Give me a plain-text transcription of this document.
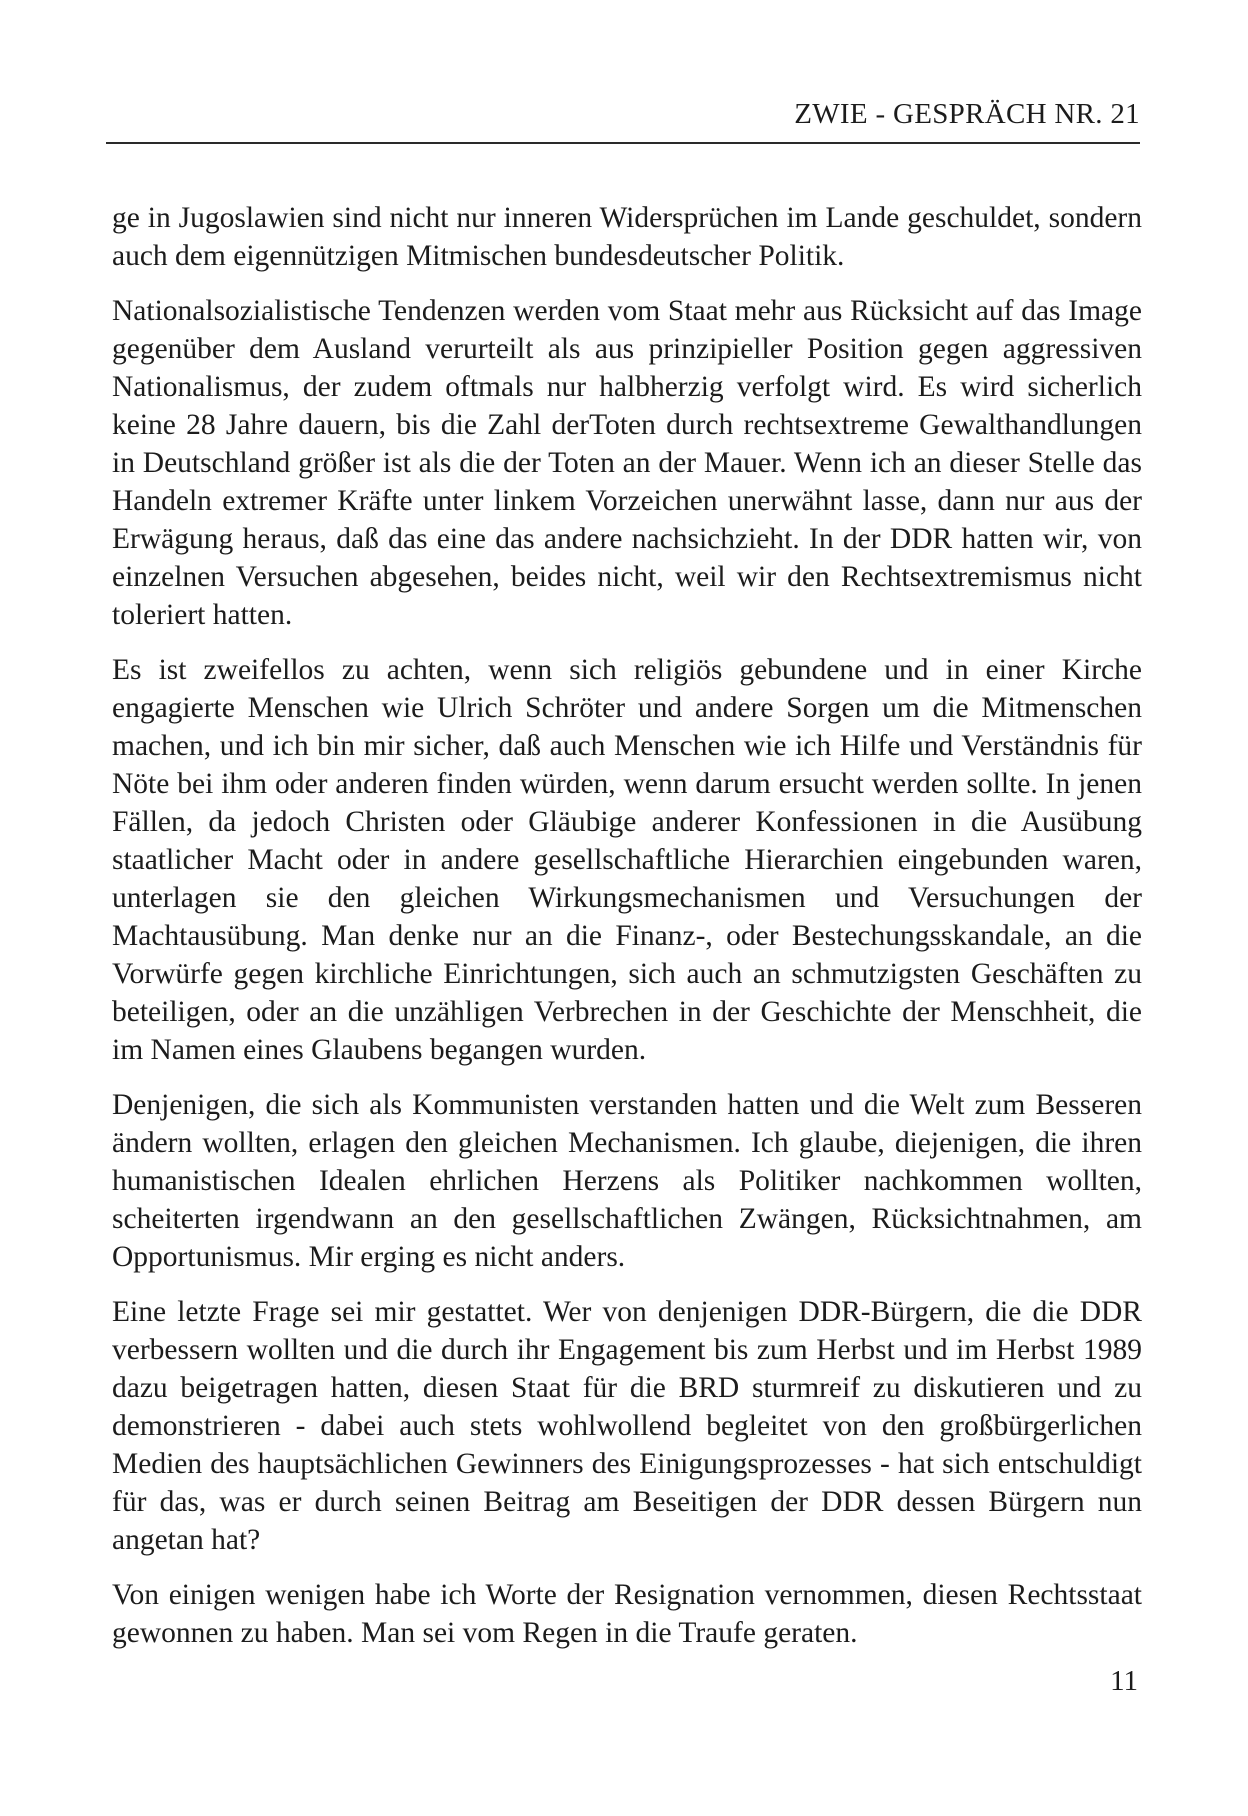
ZWIE - GESPRÄCH NR. 21

ge in Jugoslawien sind nicht nur inneren Widersprüchen im Lande geschuldet, sondern auch dem eigennützigen Mitmischen bundesdeutscher Politik.

Nationalsozialistische Tendenzen werden vom Staat mehr aus Rücksicht auf das Image gegenüber dem Ausland verurteilt als aus prinzipieller Position gegen aggressiven Nationalismus, der zudem oftmals nur halbherzig verfolgt wird. Es wird sicherlich keine 28 Jahre dauern, bis die Zahl derToten durch rechtsextreme Gewalthandlungen in Deutschland größer ist als die der Toten an der Mauer. Wenn ich an dieser Stelle das Handeln extremer Kräfte unter linkem Vorzeichen unerwähnt lasse, dann nur aus der Erwägung heraus, daß das eine das andere nachsichzieht. In der DDR hatten wir, von einzelnen Versuchen abgesehen, beides nicht, weil wir den Rechtsextremismus nicht toleriert hatten.

Es ist zweifellos zu achten, wenn sich religiös gebundene und in einer Kirche engagierte Menschen wie Ulrich Schröter und andere Sorgen um die Mitmenschen machen, und ich bin mir sicher, daß auch Menschen wie ich Hilfe und Verständnis für Nöte bei ihm oder anderen finden würden, wenn darum ersucht werden sollte. In jenen Fällen, da jedoch Christen oder Gläubige anderer Konfessionen in die Ausübung staatlicher Macht oder in andere gesellschaftliche Hierarchien eingebunden waren, unterlagen sie den gleichen Wirkungsmechanismen und Versuchungen der Machtausübung. Man denke nur an die Finanz-, oder Bestechungsskandale, an die Vorwürfe gegen kirchliche Einrichtungen, sich auch an schmutzigsten Geschäften zu beteiligen, oder an die unzähligen Verbrechen in der Geschichte der Menschheit, die im Namen eines Glaubens begangen wurden.

Denjenigen, die sich als Kommunisten verstanden hatten und die Welt zum Besseren ändern wollten, erlagen den gleichen Mechanismen. Ich glaube, diejenigen, die ihren humanistischen Idealen ehrlichen Herzens als Politiker nachkommen wollten, scheiterten irgendwann an den gesellschaftlichen Zwängen, Rücksichtnahmen, am Opportunismus. Mir erging es nicht anders.

Eine letzte Frage sei mir gestattet. Wer von denjenigen DDR-Bürgern, die die DDR verbessern wollten und die durch ihr Engagement bis zum Herbst und im Herbst 1989 dazu beigetragen hatten, diesen Staat für die BRD sturmreif zu diskutieren und zu demonstrieren - dabei auch stets wohlwollend begleitet von den großbürgerlichen Medien des hauptsächlichen Gewinners des Einigungsprozesses - hat sich entschuldigt für das, was er durch seinen Beitrag am Beseitigen der DDR dessen Bürgern nun angetan hat?

Von einigen wenigen habe ich Worte der Resignation vernommen, diesen Rechtsstaat gewonnen zu haben. Man sei vom Regen in die Traufe geraten.

11
